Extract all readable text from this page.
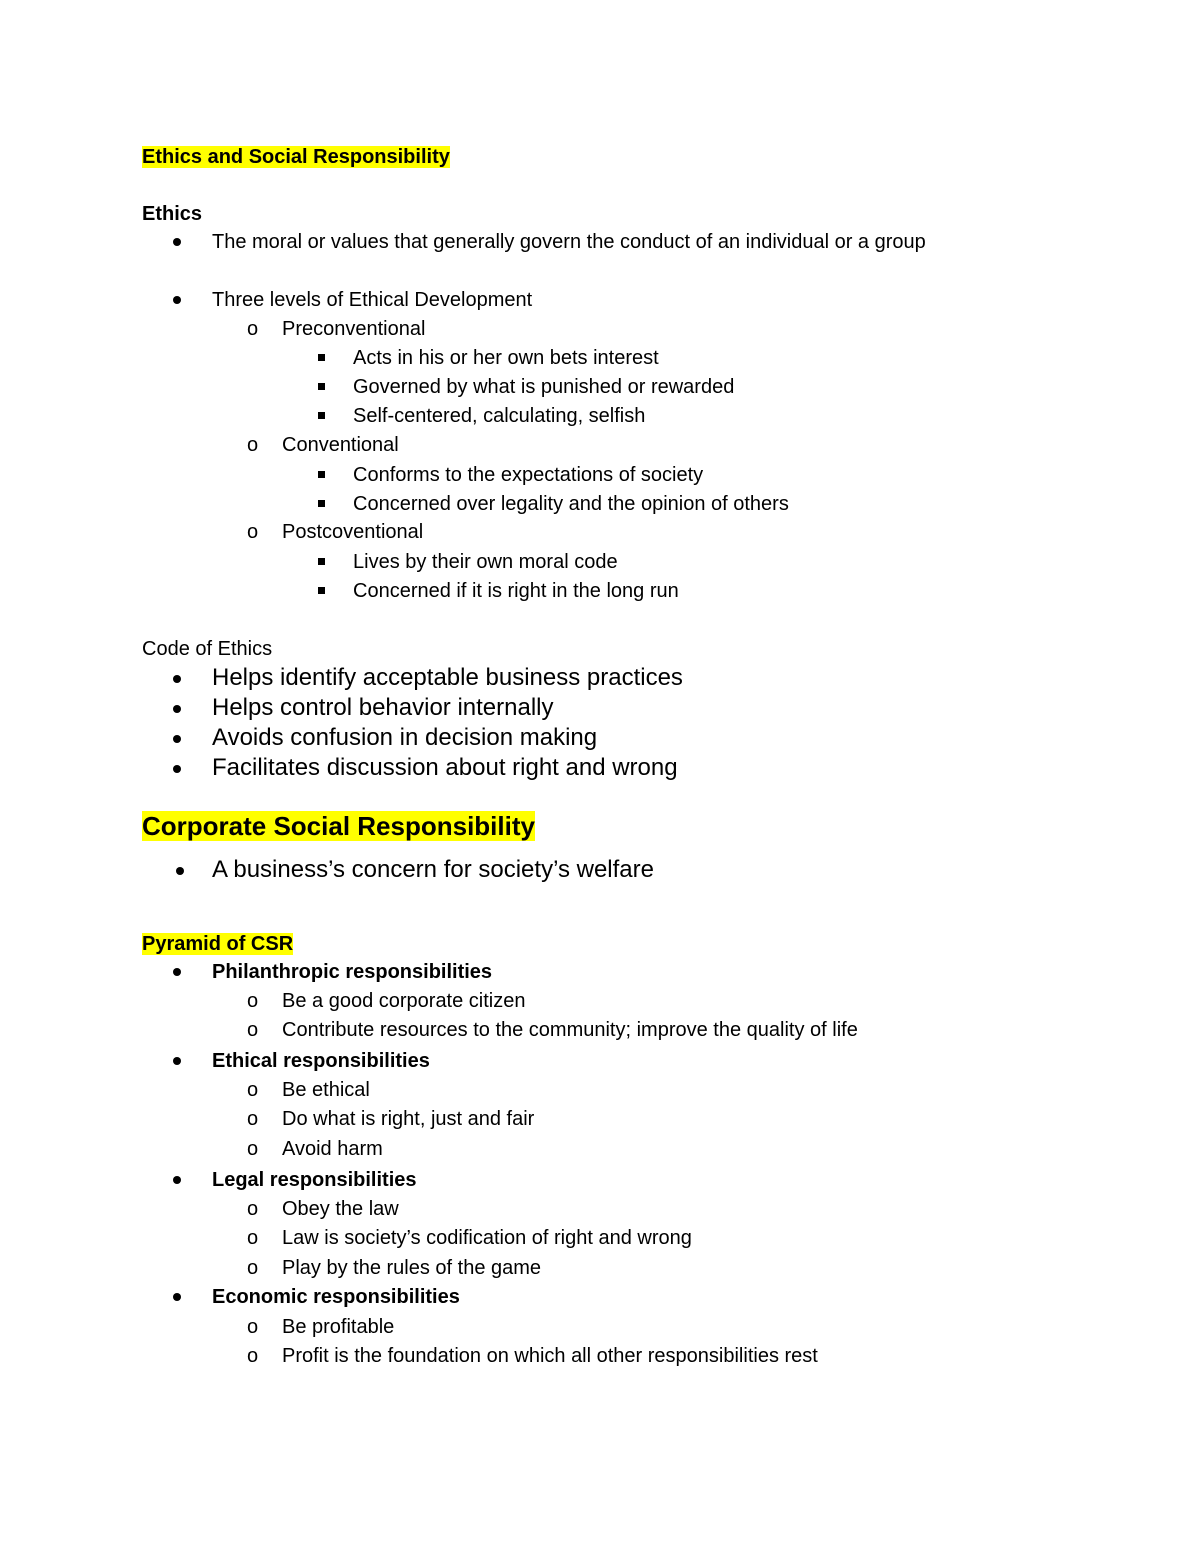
Ethics and Social Responsibility
Ethics
The moral or values that generally govern the conduct of an individual or a group
Three levels of Ethical Development
o Preconventional
Acts in his or her own bets interest
Governed by what is punished or rewarded
Self-centered, calculating, selfish
o Conventional
Conforms to the expectations of society
Concerned over legality and the opinion of others
o Postcoventional
Lives by their own moral code
Concerned if it is right in the long run
Code of Ethics
Helps identify acceptable business practices
Helps control behavior internally
Avoids confusion in decision making
Facilitates discussion about right and wrong
Corporate Social Responsibility
A business’s concern for society’s welfare
Pyramid of CSR
Philanthropic responsibilities
o Be a good corporate citizen
o Contribute resources to the community; improve the quality of life
Ethical responsibilities
o Be ethical
o Do what is right, just and fair
o Avoid harm
Legal responsibilities
o Obey the law
o Law is society’s codification of right and wrong
o Play by the rules of the game
Economic responsibilities
o Be profitable
o Profit is the foundation on which all other responsibilities rest
